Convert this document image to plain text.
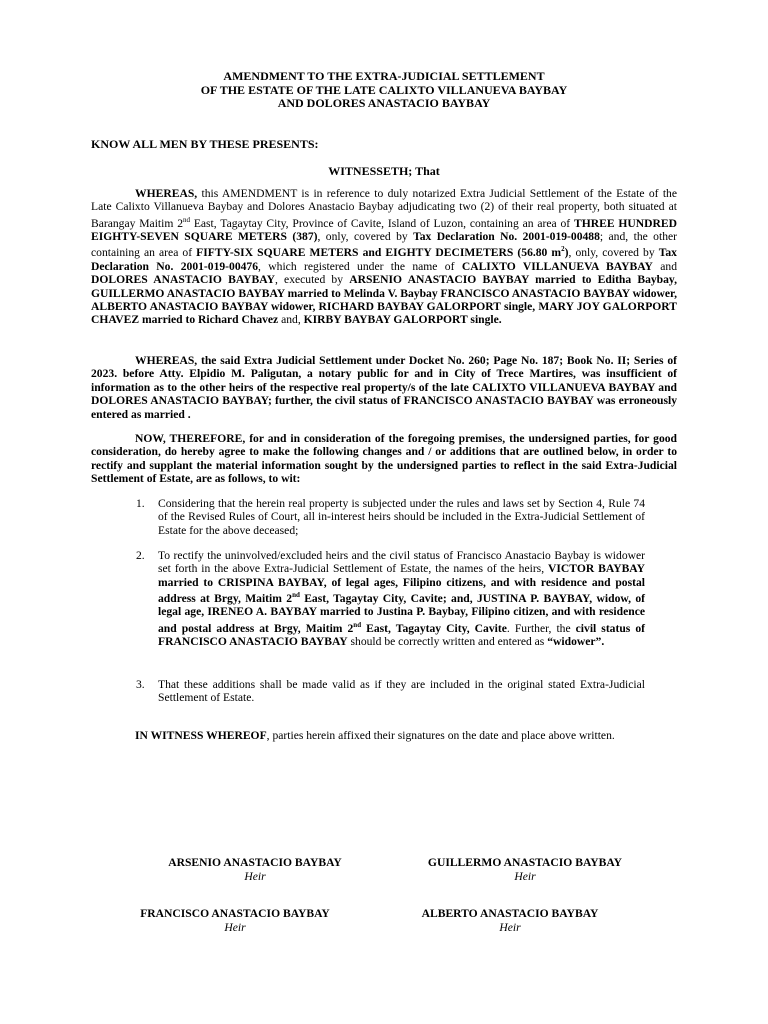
AMENDMENT TO THE EXTRA-JUDICIAL SETTLEMENT
OF THE ESTATE OF THE LATE CALIXTO VILLANUEVA BAYBAY
AND DOLORES ANASTACIO BAYBAY
KNOW ALL MEN BY THESE PRESENTS:
WITNESSETH; That
WHEREAS, this AMENDMENT is in reference to duly notarized Extra Judicial Settlement of the Estate of the Late Calixto Villanueva Baybay and Dolores Anastacio Baybay adjudicating two (2) of their real property, both situated at Barangay Maitim 2nd East, Tagaytay City, Province of Cavite, Island of Luzon, containing an area of THREE HUNDRED EIGHTY-SEVEN SQUARE METERS (387), only, covered by Tax Declaration No. 2001-019-00488; and, the other containing an area of FIFTY-SIX SQUARE METERS and EIGHTY DECIMETERS (56.80 $m^2$), only, covered by Tax Declaration No. 2001-019-00476, which registered under the name of CALIXTO VILLANUEVA BAYBAY and DOLORES ANASTACIO BAYBAY, executed by ARSENIO ANASTACIO BAYBAY married to Editha Baybay, GUILLERMO ANASTACIO BAYBAY married to Melinda V. Baybay FRANCISCO ANASTACIO BAYBAY widower, ALBERTO ANASTACIO BAYBAY widower, RICHARD BAYBAY GALORPORT single, MARY JOY GALORPORT CHAVEZ married to Richard Chavez and, KIRBY BAYBAY GALORPORT single.
WHEREAS, the said Extra Judicial Settlement under Docket No. 260; Page No. 187; Book No. II; Series of 2023. before Atty. Elpidio M. Paligutan, a notary public for and in City of Trece Martires, was insufficient of information as to the other heirs of the respective real property/s of the late CALIXTO VILLANUEVA BAYBAY and DOLORES ANASTACIO BAYBAY; further, the civil status of FRANCISCO ANASTACIO BAYBAY was erroneously entered as married .
NOW, THEREFORE, for and in consideration of the foregoing premises, the undersigned parties, for good consideration, do hereby agree to make the following changes and / or additions that are outlined below, in order to rectify and supplant the material information sought by the undersigned parties to reflect in the said Extra-Judicial Settlement of Estate, are as follows, to wit:
1. Considering that the herein real property is subjected under the rules and laws set by Section 4, Rule 74 of the Revised Rules of Court, all in-interest heirs should be included in the Extra-Judicial Settlement of Estate for the above deceased;
2. To rectify the uninvolved/excluded heirs and the civil status of Francisco Anastacio Baybay is widower set forth in the above Extra-Judicial Settlement of Estate, the names of the heirs, VICTOR BAYBAY married to CRISPINA BAYBAY, of legal ages, Filipino citizens, and with residence and postal address at Brgy, Maitim 2nd East, Tagaytay City, Cavite; and, JUSTINA P. BAYBAY, widow, of legal age, IRENEO A. BAYBAY married to Justina P. Baybay, Filipino citizen, and with residence and postal address at Brgy, Maitim 2nd East, Tagaytay City, Cavite. Further, the civil status of FRANCISCO ANASTACIO BAYBAY should be correctly written and entered as “widower”.
3. That these additions shall be made valid as if they are included in the original stated Extra-Judicial Settlement of Estate.
IN WITNESS WHEREOF, parties herein affixed their signatures on the date and place above written.
ARSENIO ANASTACIO BAYBAY
Heir
GUILLERMO ANASTACIO BAYBAY
Heir
FRANCISCO ANASTACIO BAYBAY
Heir
ALBERTO ANASTACIO BAYBAY
Heir
